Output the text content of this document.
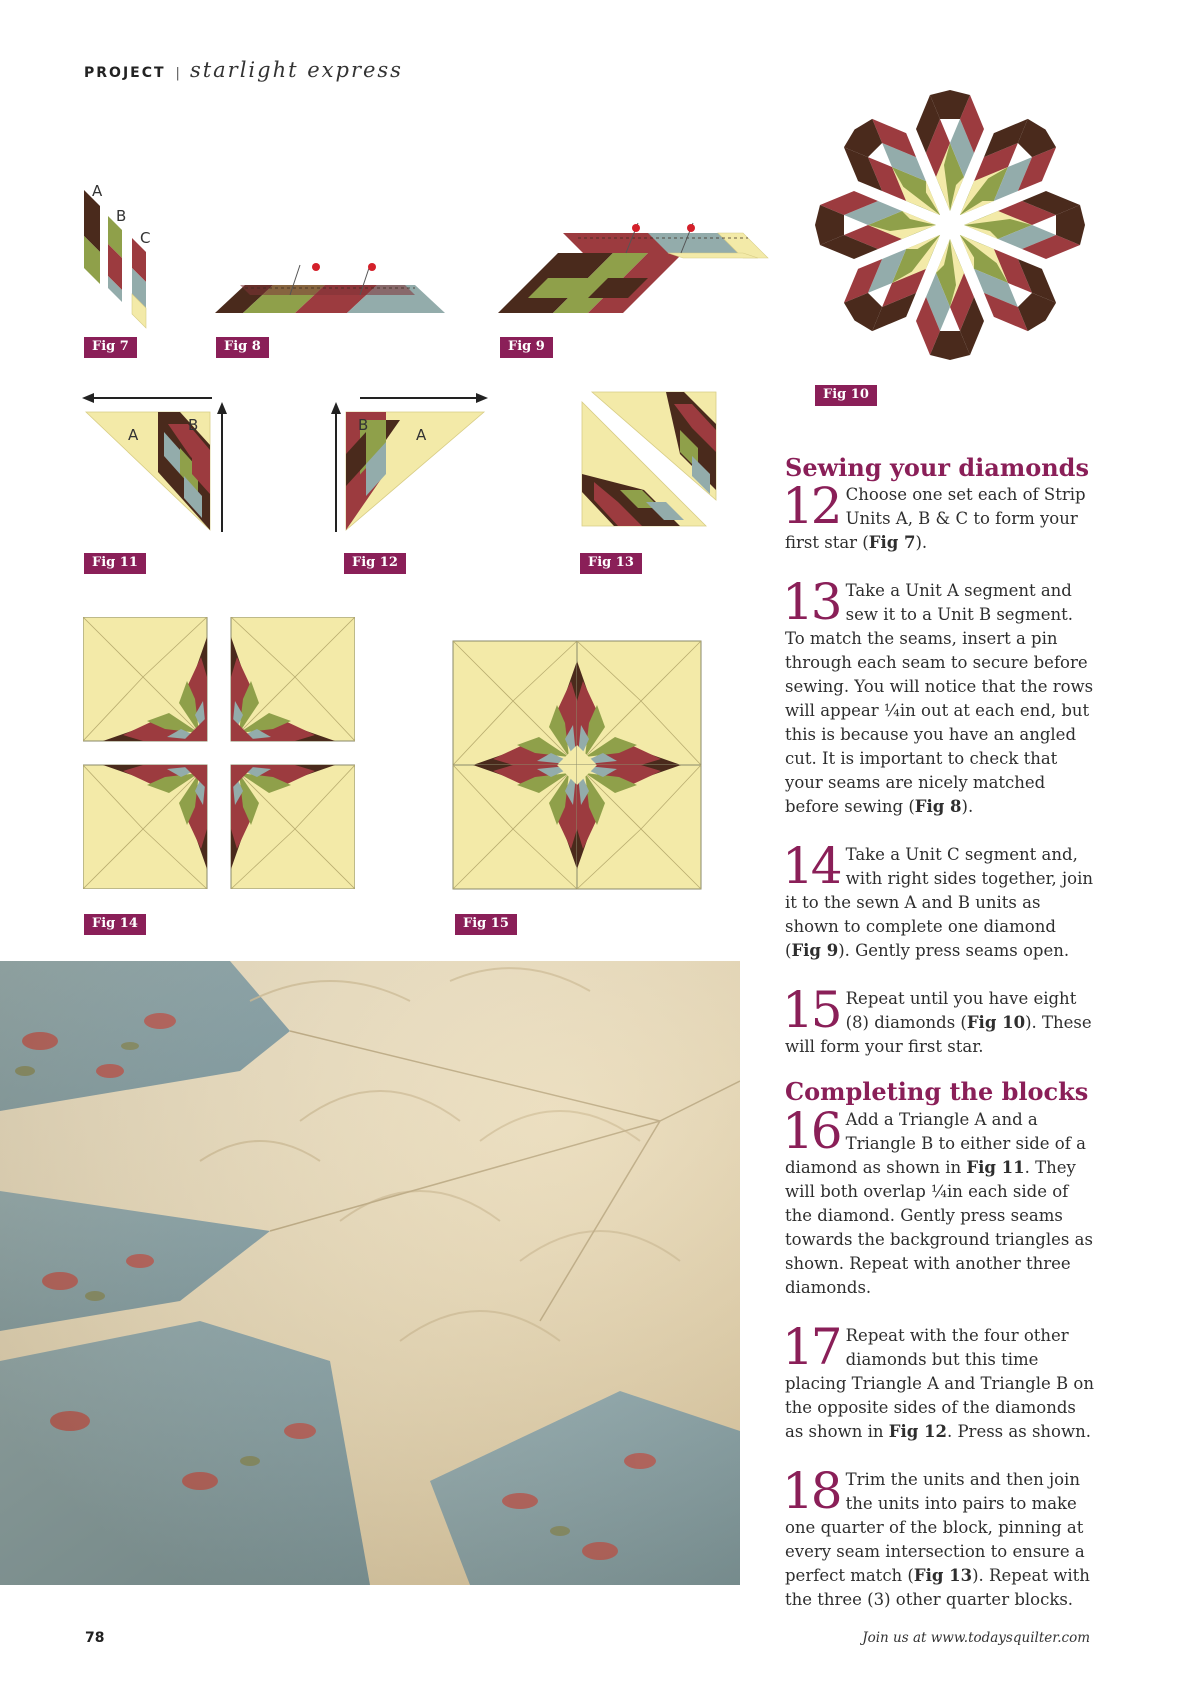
PROJECT | starlight express
A
B
C
Fig 7	Fig 8	Fig 9
Fig 10
A
B
Fig 11
B
A
Fig 12	Fig 13
Fig 14	Fig 15
Sewing your diamonds
12 Choose one set each of Strip Units A, B & C to form your first star (Fig 7).
13 Take a Unit A segment and sew it to a Unit B segment. To match the seams, insert a pin through each seam to secure before sewing. You will notice that the rows will appear ¼in out at each end, but this is because you have an angled cut. It is important to check that your seams are nicely matched before sewing (Fig 8).
14 Take a Unit C segment and, with right sides together, join it to the sewn A and B units as shown to complete one diamond (Fig 9). Gently press seams open.
15 Repeat until you have eight (8) diamonds (Fig 10). These will form your first star.
Completing the blocks
16 Add a Triangle A and a Triangle B to either side of a diamond as shown in Fig 11. They will both overlap ¼in each side of the diamond. Gently press seams towards the background triangles as shown. Repeat with another three diamonds.
17 Repeat with the four other diamonds but this time placing Triangle A and Triangle B on the opposite sides of the diamonds as shown in Fig 12. Press as shown.
18 Trim the units and then join the units into pairs to make one quarter of the block, pinning at every seam intersection to ensure a perfect match (Fig 13). Repeat with the three (3) other quarter blocks.
78	Join us at www.todaysquilter.com
